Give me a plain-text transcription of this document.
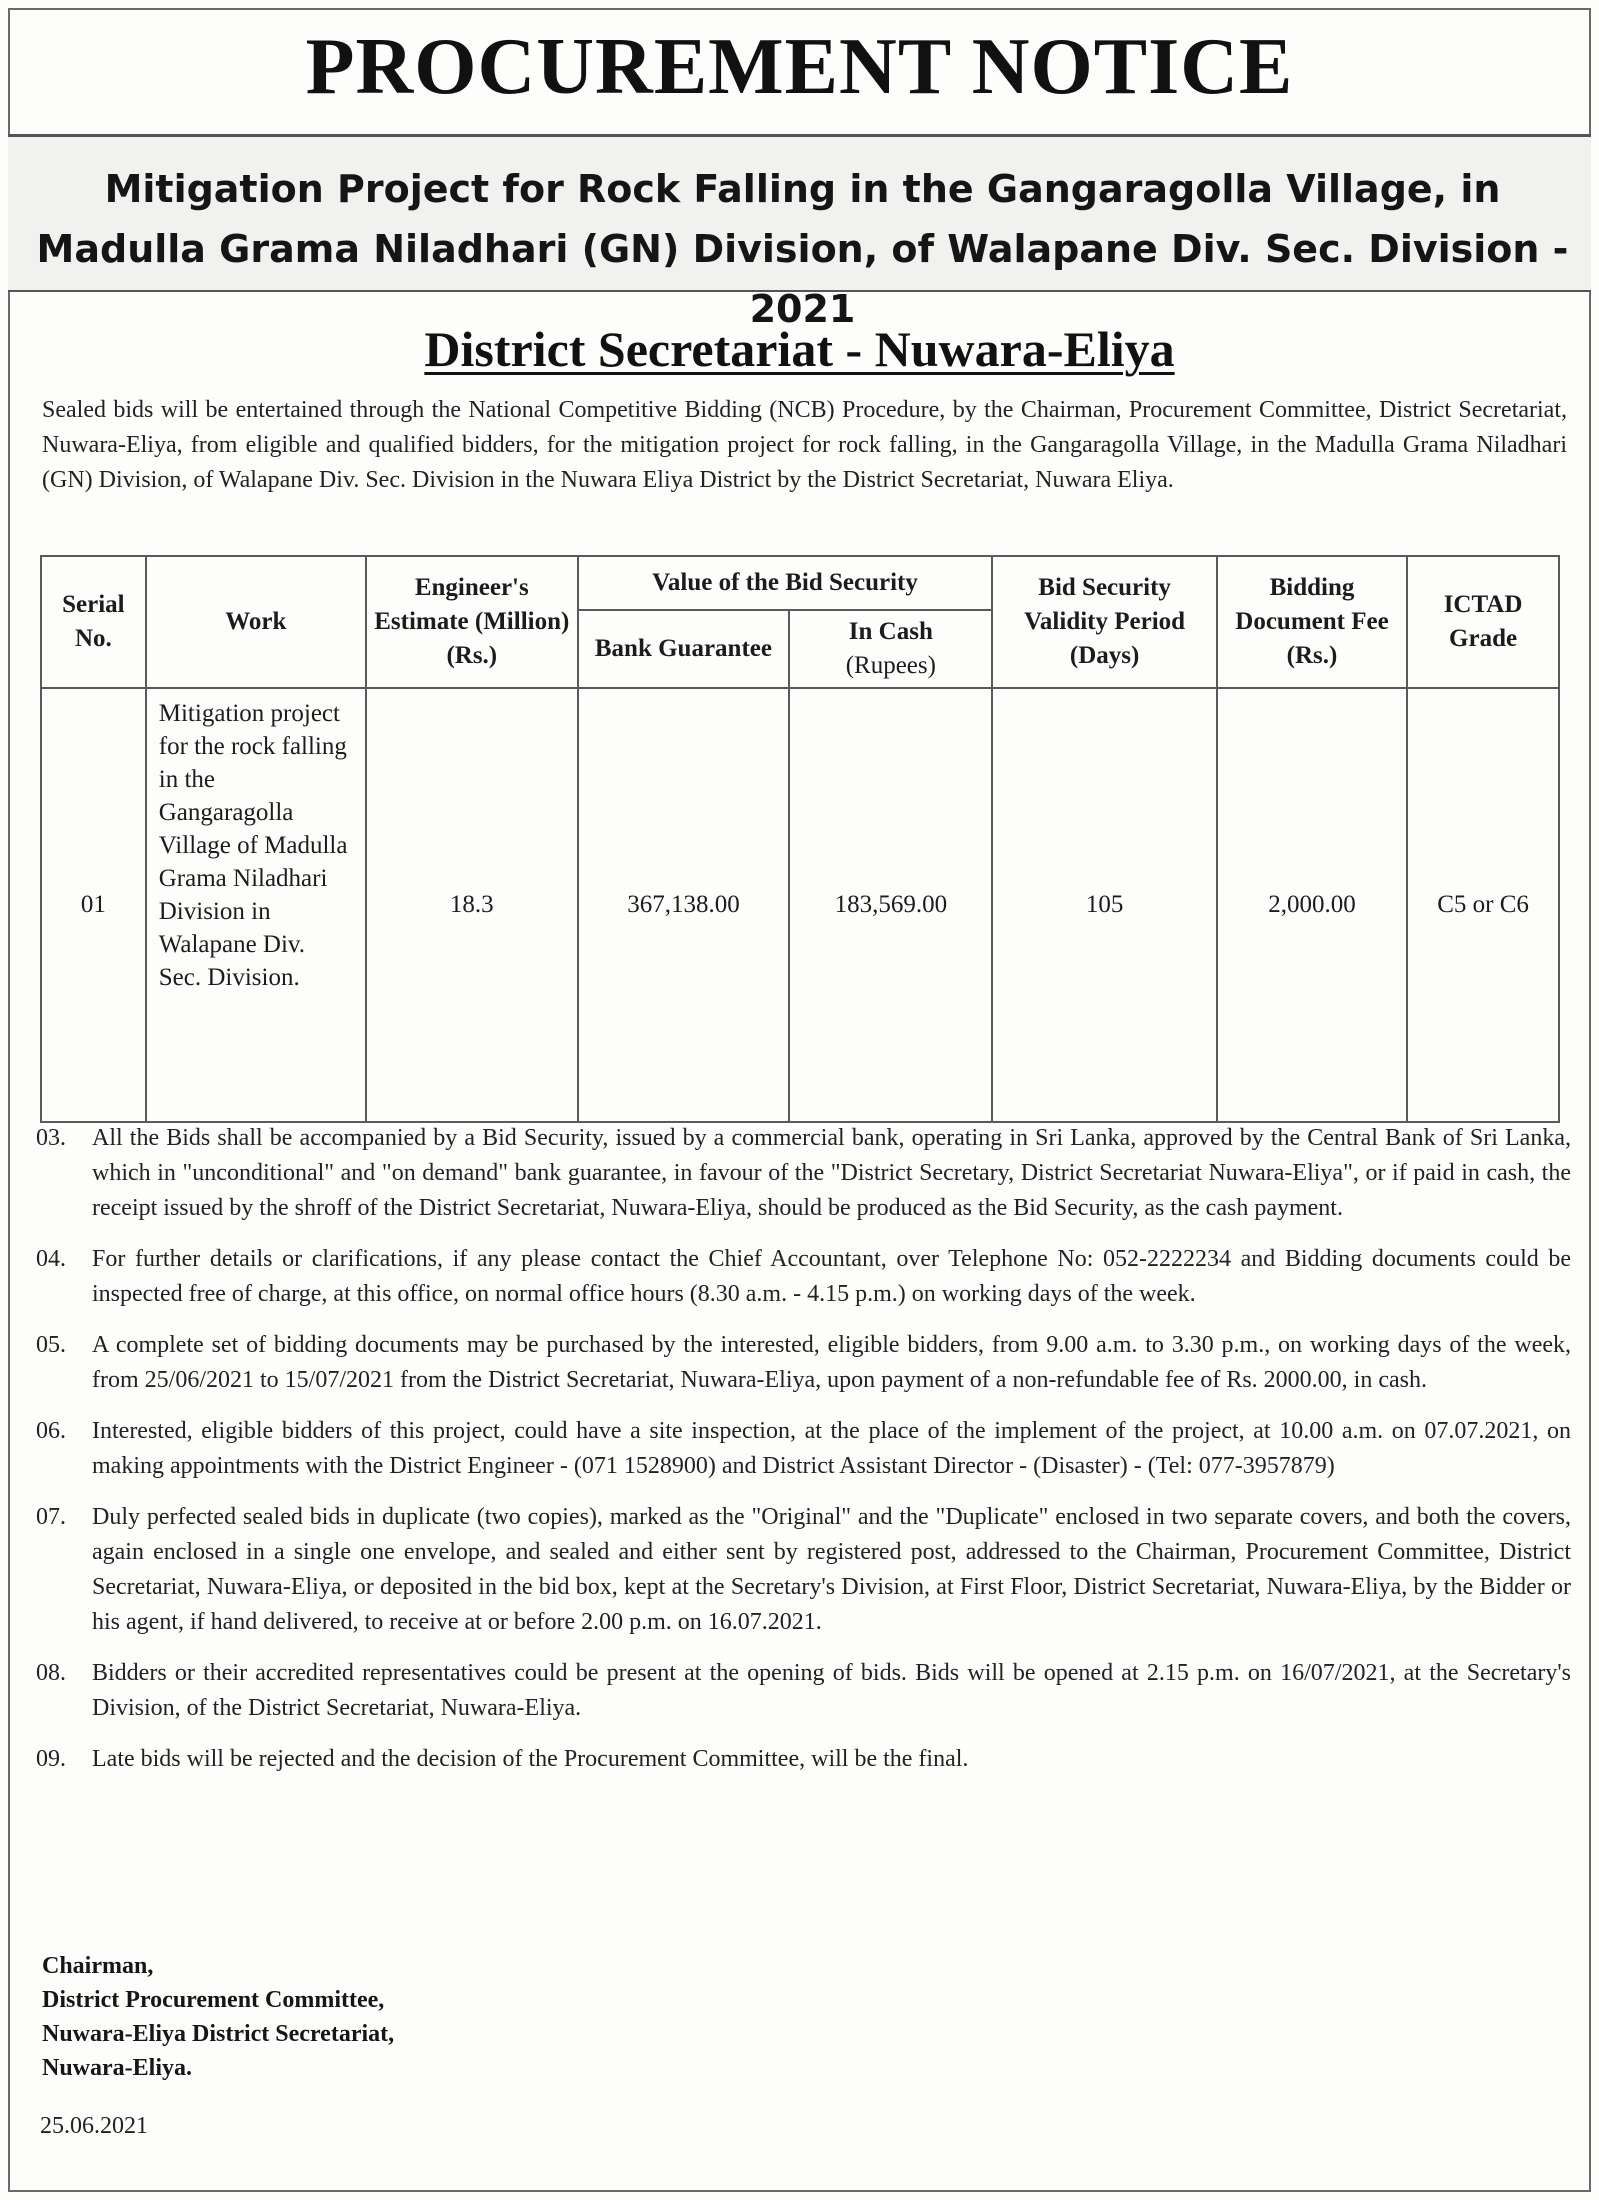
PROCUREMENT NOTICE

Mitigation Project for Rock Falling in the Gangaragolla Village, in Madulla Grama Niladhari (GN) Division, of Walapane Div. Sec. Division - 2021

District Secretariat - Nuwara-Eliya

Sealed bids will be entertained through the National Competitive Bidding (NCB) Procedure, by the Chairman, Procurement Committee, District Secretariat, Nuwara-Eliya, from eligible and qualified bidders, for the mitigation project for rock falling, in the Gangaragolla Village, in the Madulla Grama Niladhari (GN) Division, of Walapane Div. Sec. Division in the Nuwara Eliya District by the District Secretariat, Nuwara Eliya.

Serial No.	Work	Engineer's Estimate (Million) (Rs.)	Value of the Bid Security		Bid Security Validity Period (Days)	Bidding Document Fee (Rs.)	ICTAD Grade
			Bank Guarantee	In Cash
(Rupees)			
01	Mitigation project for the rock falling in the Gangaragolla Village of Madulla Grama Niladhari Division in Walapane Div. Sec. Division.	18.3	367,138.00	183,569.00	105	2,000.00	C5 or C6
03.	All the Bids shall be accompanied by a Bid Security, issued by a commercial bank, operating in Sri Lanka, approved by the Central Bank of Sri Lanka, which in "unconditional" and "on demand" bank guarantee, in favour of the "District Secretary, District Secretariat Nuwara-Eliya", or if paid in cash, the receipt issued by the shroff of the District Secretariat, Nuwara-Eliya, should be produced as the Bid Security, as the cash payment.
04.	For further details or clarifications, if any please contact the Chief Accountant, over Telephone No: 052-2222234 and Bidding documents could be inspected free of charge, at this office, on normal office hours (8.30 a.m. - 4.15 p.m.) on working days of the week.
05.	A complete set of bidding documents may be purchased by the interested, eligible bidders, from 9.00 a.m. to 3.30 p.m., on working days of the week, from 25/06/2021 to 15/07/2021 from the District Secretariat, Nuwara-Eliya, upon payment of a non-refundable fee of Rs. 2000.00, in cash.
06.	Interested, eligible bidders of this project, could have a site inspection, at the place of the implement of the project, at 10.00 a.m. on 07.07.2021, on making appointments with the District Engineer - (071 1528900) and District Assistant Director - (Disaster) - (Tel: 077-3957879)
07.	Duly perfected sealed bids in duplicate (two copies), marked as the "Original" and the "Duplicate" enclosed in two separate covers, and both the covers, again enclosed in a single one envelope, and sealed and either sent by registered post, addressed to the Chairman, Procurement Committee, District Secretariat, Nuwara-Eliya, or deposited in the bid box, kept at the Secretary's Division, at First Floor, District Secretariat, Nuwara-Eliya, by the Bidder or his agent, if hand delivered, to receive at or before 2.00 p.m. on 16.07.2021.
08.	Bidders or their accredited representatives could be present at the opening of bids. Bids will be opened at 2.15 p.m. on 16/07/2021, at the Secretary's Division, of the District Secretariat, Nuwara-Eliya.
09.	Late bids will be rejected and the decision of the Procurement Committee, will be the final.
Chairman,
District Procurement Committee,
Nuwara-Eliya District Secretariat,
Nuwara-Eliya.
25.06.2021
